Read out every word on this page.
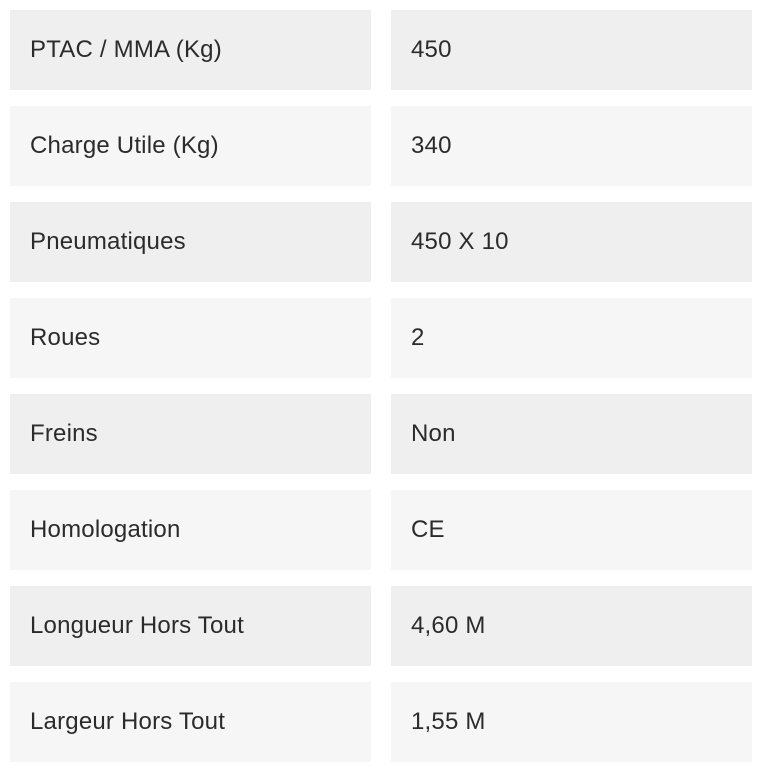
PTAC / MMA (Kg)	450
Charge Utile (Kg)	340
Pneumatiques	450 X 10
Roues	2
Freins	Non
Homologation	CE
Longueur Hors Tout	4,60 M
Largeur Hors Tout	1,55 M
